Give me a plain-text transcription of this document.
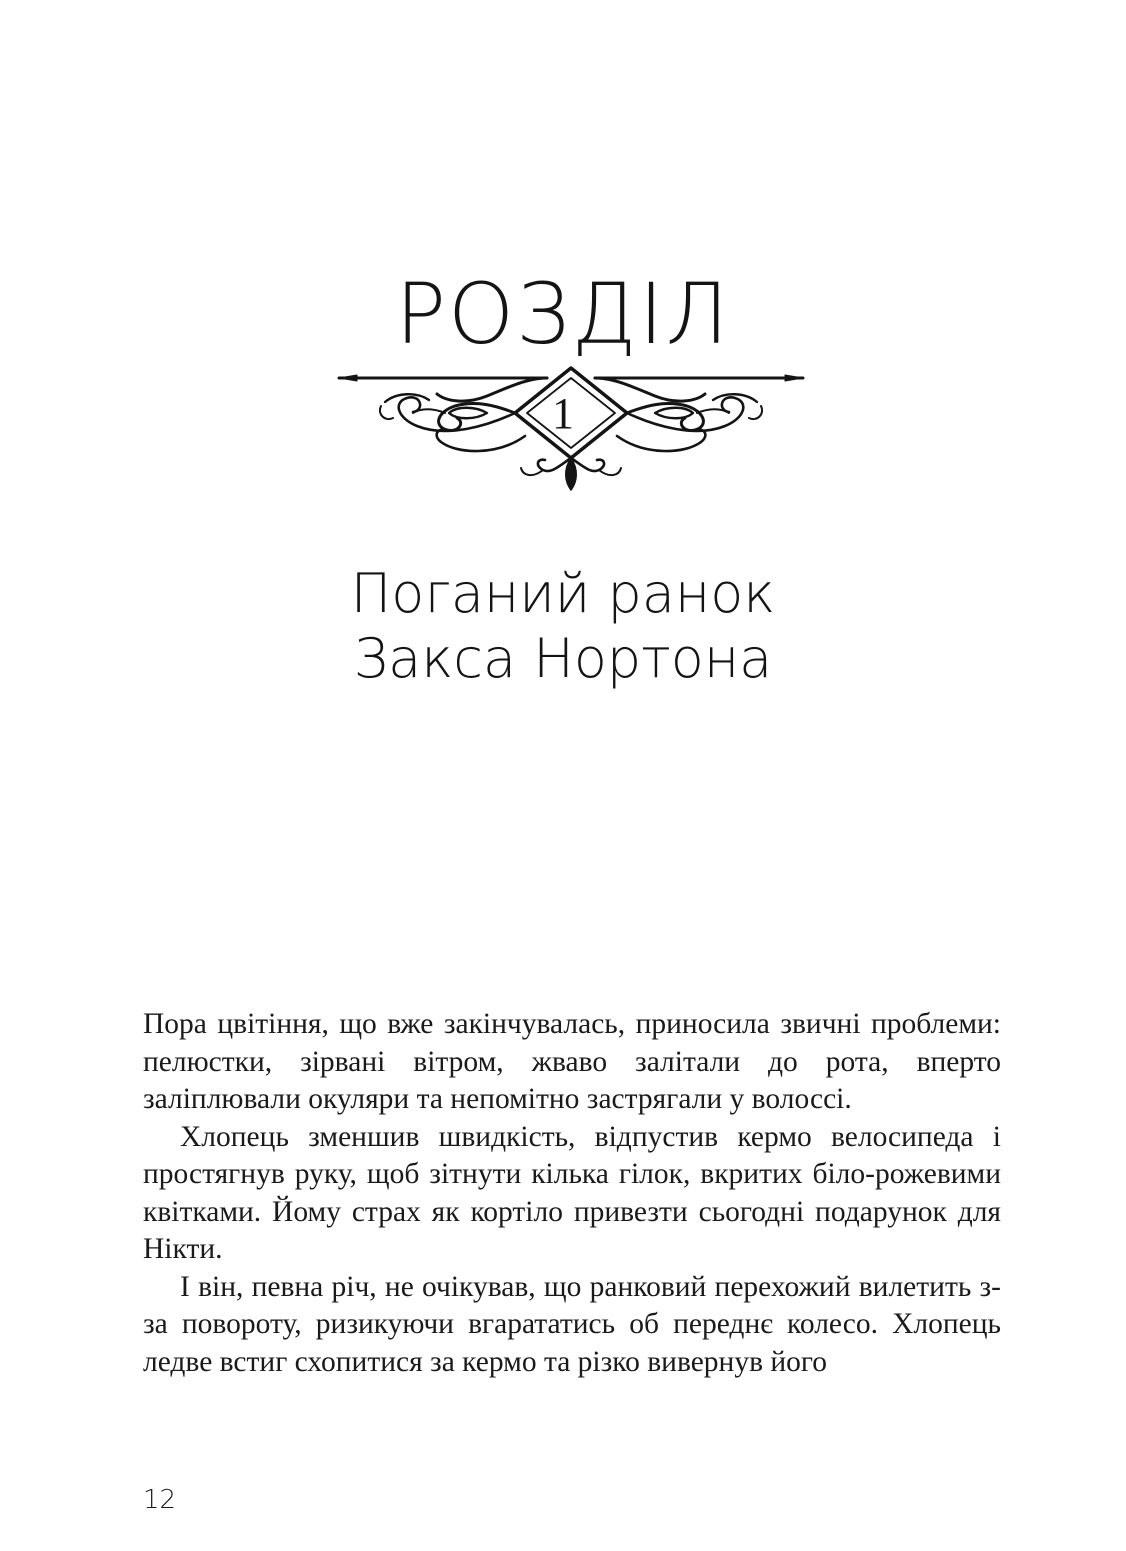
РОЗДІЛ
1
Поганий ранок
Закса Нортона

Пора цвітіння, що вже закінчувалась, приносила звичні проблеми: пелюстки, зірвані вітром, жваво залітали до рота, вперто заліплювали окуляри та непомітно застрягали у волоссі.

Хлопець зменшив швидкість, відпустив кермо велосипеда і простягнув руку, щоб зітнути кілька гілок, вкритих біло-рожевими квітками. Йому страх як кортіло привезти сьогодні подарунок для Нікти.

І він, певна річ, не очікував, що ранковий перехожий вилетить з-за повороту, ризикуючи вгарататись об переднє колесо. Хлопець ледве встиг схопитися за кермо та різко вивернув його

12
